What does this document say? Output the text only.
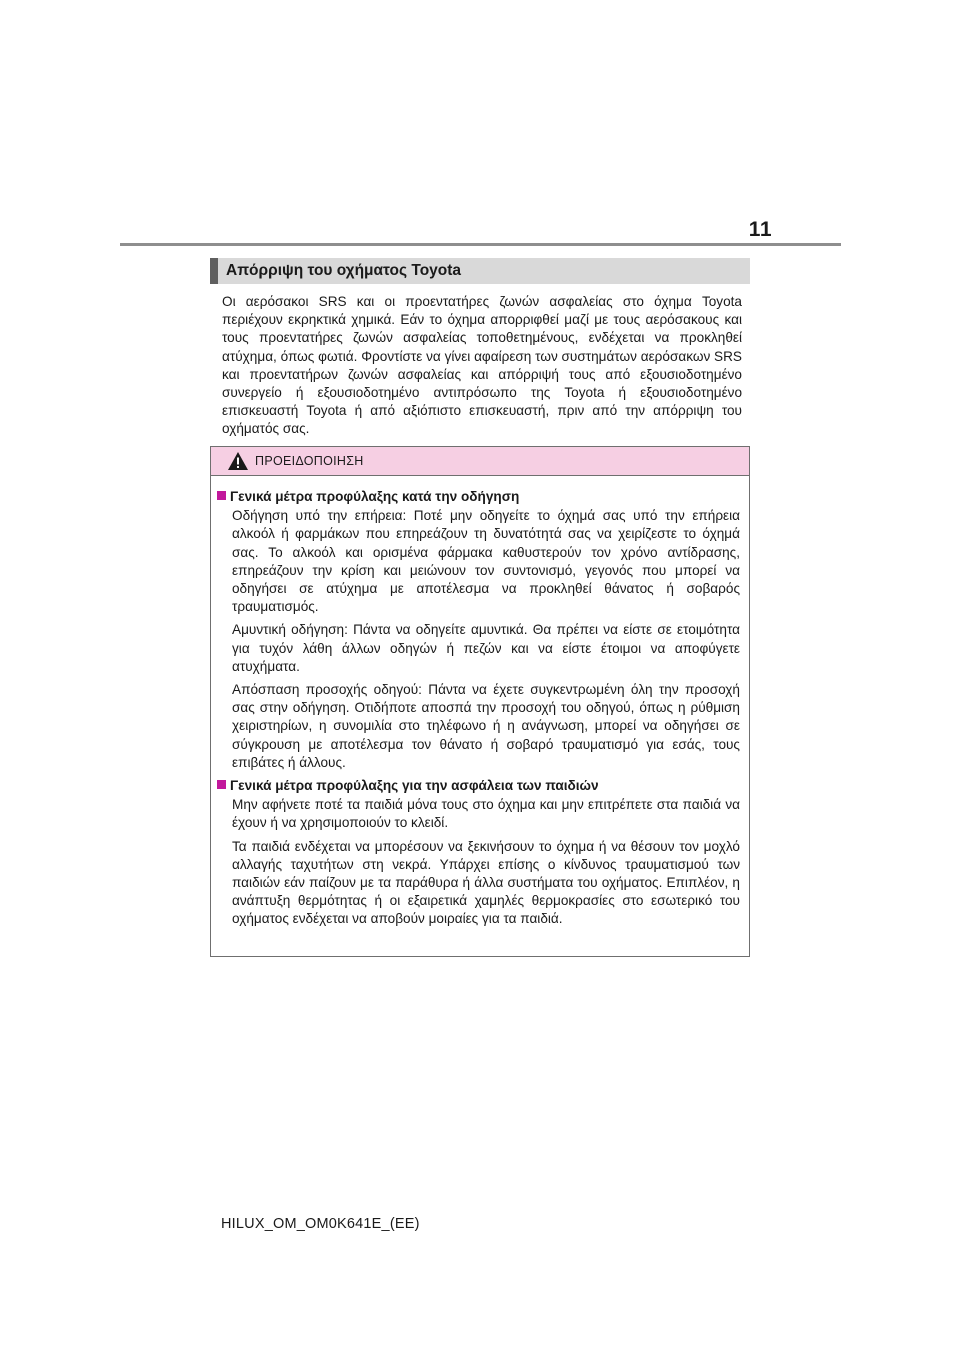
11
Απόρριψη του οχήματος Toyota
Οι αερόσακοι SRS και οι προεντατήρες ζωνών ασφαλείας στο όχημα Toyota περιέχουν εκρηκτικά χημικά. Εάν το όχημα απορριφθεί μαζί με τους αερόσακους και τους προεντατήρες ζωνών ασφαλείας τοποθετημένους, ενδέχεται να προκληθεί ατύχημα, όπως φωτιά. Φροντίστε να γίνει αφαίρεση των συστημάτων αερόσακων SRS και προεντατήρων ζωνών ασφαλείας και απόρριψή τους από εξουσιοδοτημένο συνεργείο ή εξουσιοδοτημένο αντιπρόσωπο της Toyota ή εξουσιοδοτημένο επισκευαστή Toyota ή από αξιόπιστο επισκευαστή, πριν από την απόρριψη του οχήματός σας.
ΠΡΟΕΙΔΟΠΟΙΗΣΗ
Γενικά μέτρα προφύλαξης κατά την οδήγηση

Οδήγηση υπό την επήρεια: Ποτέ μην οδηγείτε το όχημά σας υπό την επήρεια αλκοόλ ή φαρμάκων που επηρεάζουν τη δυνατότητά σας να χειρίζεστε το όχημά σας. Το αλκοόλ και ορισμένα φάρμακα καθυστερούν τον χρόνο αντίδρασης, επηρεάζουν την κρίση και μειώνουν τον συντονισμό, γεγονός που μπορεί να οδηγήσει σε ατύχημα με αποτέλεσμα να προκληθεί θάνατος ή σοβαρός τραυματισμός.

Αμυντική οδήγηση: Πάντα να οδηγείτε αμυντικά. Θα πρέπει να είστε σε ετοιμότητα για τυχόν λάθη άλλων οδηγών ή πεζών και να είστε έτοιμοι να αποφύγετε ατυχήματα.

Απόσπαση προσοχής οδηγού: Πάντα να έχετε συγκεντρωμένη όλη την προσοχή σας στην οδήγηση. Οτιδήποτε αποσπά την προσοχή του οδηγού, όπως η ρύθμιση χειριστηρίων, η συνομιλία στο τηλέφωνο ή η ανάγνωση, μπορεί να οδηγήσει σε σύγκρουση με αποτέλεσμα τον θάνατο ή σοβαρό τραυματισμό για εσάς, τους επιβάτες ή άλλους.

Γενικά μέτρα προφύλαξης για την ασφάλεια των παιδιών

Μην αφήνετε ποτέ τα παιδιά μόνα τους στο όχημα και μην επιτρέπετε στα παιδιά να έχουν ή να χρησιμοποιούν το κλειδί.

Τα παιδιά ενδέχεται να μπορέσουν να ξεκινήσουν το όχημα ή να θέσουν τον μοχλό αλλαγής ταχυτήτων στη νεκρά. Υπάρχει επίσης ο κίνδυνος τραυματισμού των παιδιών εάν παίζουν με τα παράθυρα ή άλλα συστήματα του οχήματος. Επιπλέον, η ανάπτυξη θερμότητας ή οι εξαιρετικά χαμηλές θερμοκρασίες στο εσωτερικό του οχήματος ενδέχεται να αποβούν μοιραίες για τα παιδιά.

HILUX_OM_OM0K641E_(EE)
